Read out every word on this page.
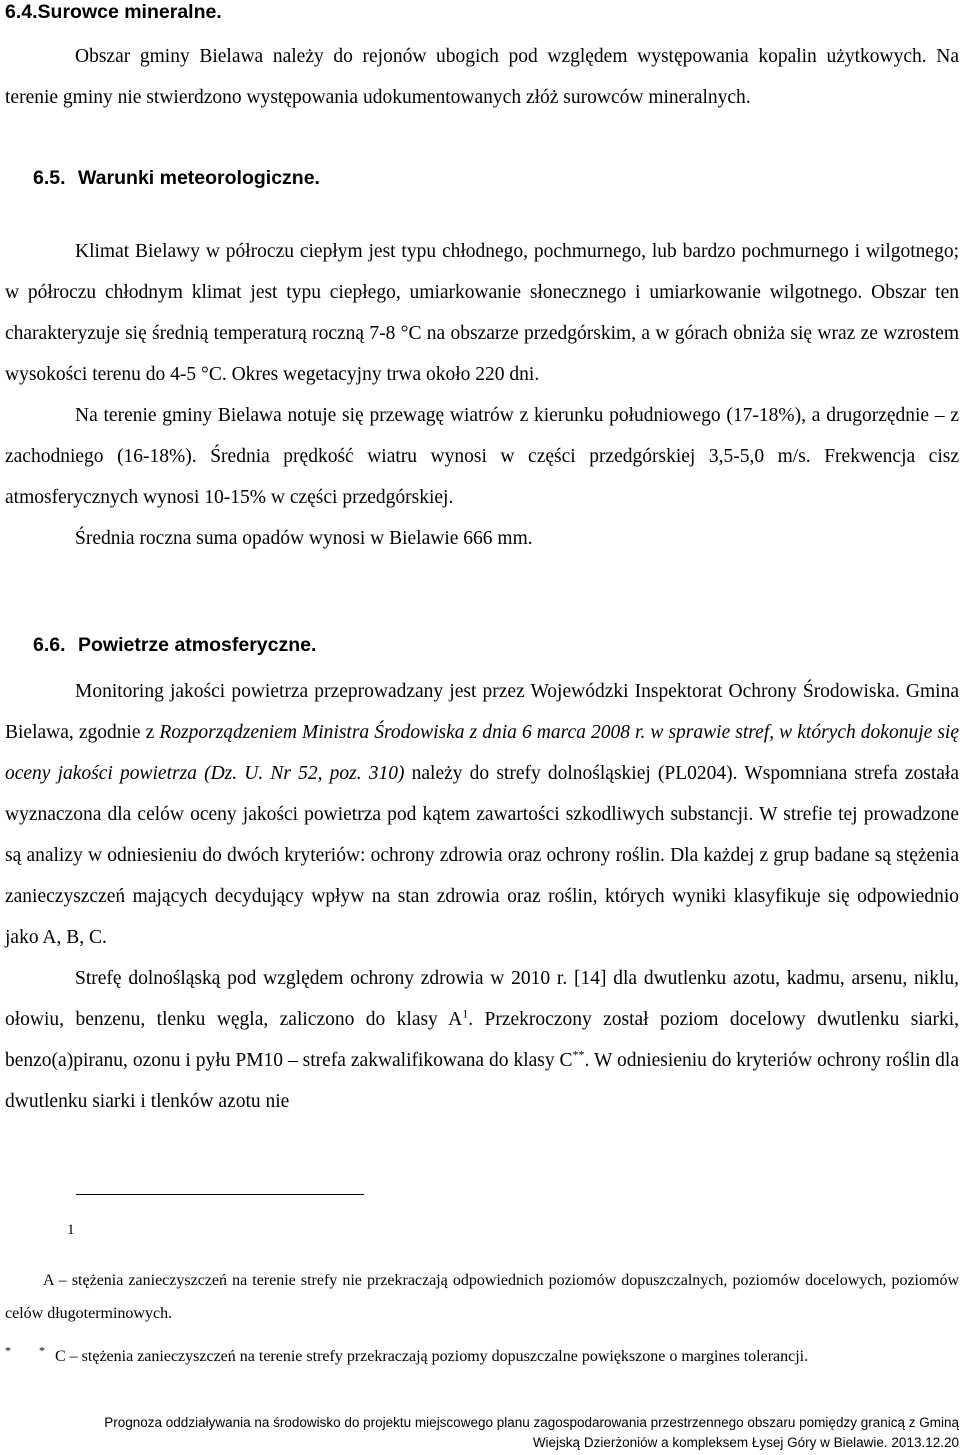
6.4.Surowce mineralne.

Obszar gminy Bielawa należy do rejonów ubogich pod względem występowania kopalin użytkowych. Na terenie gminy nie stwierdzono występowania udokumentowanych złóż surowców mineralnych.

6.5. Warunki meteorologiczne.

Klimat Bielawy w półroczu ciepłym jest typu chłodnego, pochmurnego, lub bardzo pochmurnego i wilgotnego; w półroczu chłodnym klimat jest typu ciepłego, umiarkowanie słonecznego i umiarkowanie wilgotnego. Obszar ten charakteryzuje się średnią temperaturą roczną 7-8 °C na obszarze przedgórskim, a w górach obniża się wraz ze wzrostem wysokości terenu do 4-5 °C. Okres wegetacyjny trwa około 220 dni.

Na terenie gminy Bielawa notuje się przewagę wiatrów z kierunku południowego (17-18%), a drugorzędnie – z zachodniego (16-18%). Średnia prędkość wiatru wynosi w części przedgórskiej 3,5-5,0 m/s. Frekwencja cisz atmosferycznych wynosi 10-15% w części przedgórskiej.

Średnia roczna suma opadów wynosi w Bielawie 666 mm.

6.6. Powietrze atmosferyczne.

Monitoring jakości powietrza przeprowadzany jest przez Wojewódzki Inspektorat Ochrony Środowiska. Gmina Bielawa, zgodnie z Rozporządzeniem Ministra Środowiska z dnia 6 marca 2008 r. w sprawie stref, w których dokonuje się oceny jakości powietrza (Dz. U. Nr 52, poz. 310) należy do strefy dolnośląskiej (PL0204). Wspomniana strefa została wyznaczona dla celów oceny jakości powietrza pod kątem zawartości szkodliwych substancji. W strefie tej prowadzone są analizy w odniesieniu do dwóch kryteriów: ochrony zdrowia oraz ochrony roślin. Dla każdej z grup badane są stężenia zanieczyszczeń mających decydujący wpływ na stan zdrowia oraz roślin, których wyniki klasyfikuje się odpowiednio jako A, B, C.

Strefę dolnośląską pod względem ochrony zdrowia w 2010 r. [14] dla dwutlenku azotu, kadmu, arsenu, niklu, ołowiu, benzenu, tlenku węgla, zaliczono do klasy $A^1$. Przekroczony został poziom docelowy dwutlenku siarki, benzo(a)piranu, ozonu i pyłu PM10 – strefa zakwalifikowana do klasy C**. W odniesieniu do kryteriów ochrony roślin dla dwutlenku siarki i tlenków azotu nie

1
A – stężenia zanieczyszczeń na terenie strefy nie przekraczają odpowiednich poziomów dopuszczalnych, poziomów docelowych, poziomów celów długoterminowych.
* * C – stężenia zanieczyszczeń na terenie strefy przekraczają poziomy dopuszczalne powiększone o margines tolerancji.
Prognoza oddziaływania na środowisko do projektu miejscowego planu zagospodarowania przestrzennego obszaru pomiędzy granicą z Gminą
Wiejską Dzierżoniów a kompleksem Łysej Góry w Bielawie. 2013.12.20
